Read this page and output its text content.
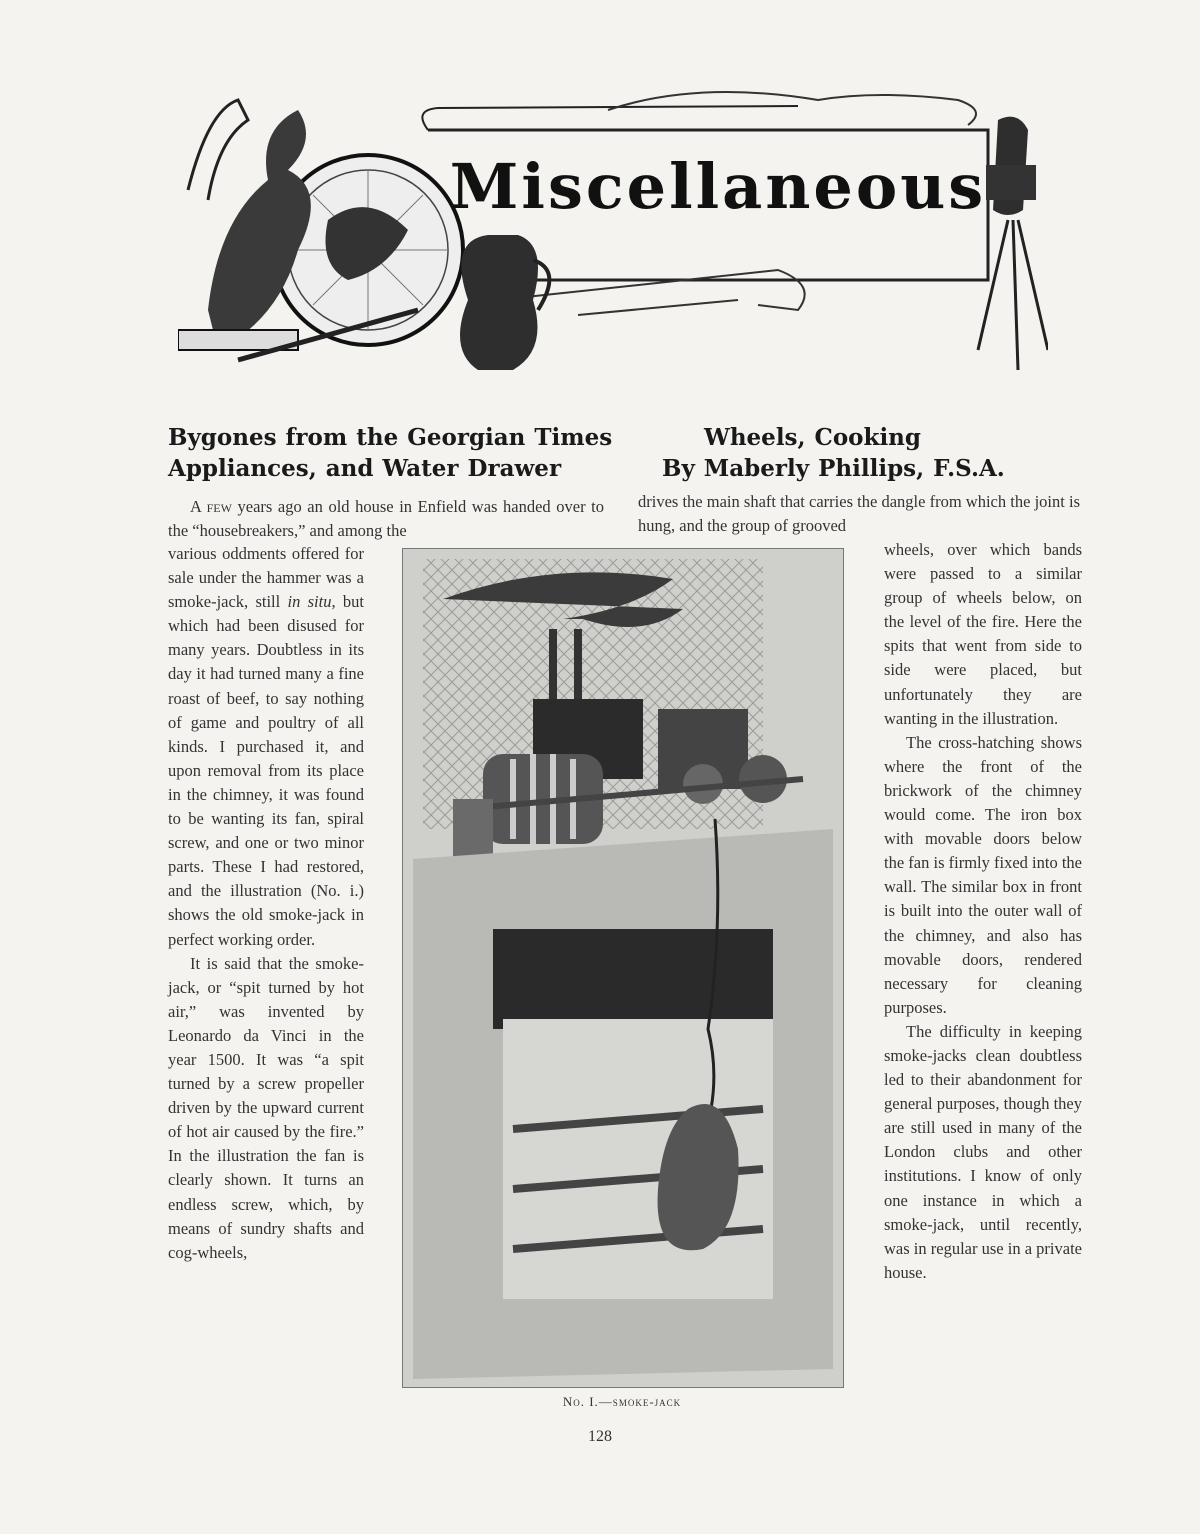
Miscellaneous
Bygones from the Georgian Times	Wheels, Cooking
Appliances, and Water Drawer	By Maberly Phillips, F.S.A.

A few years ago an old house in Enfield was handed over to the “housebreakers,” and among the

various oddments offered for sale under the hammer was a smoke-jack, still in situ, but which had been disused for many years. Doubtless in its day it had turned many a fine roast of beef, to say nothing of game and poultry of all kinds. I purchased it, and upon removal from its place in the chimney, it was found to be wanting its fan, spiral screw, and one or two minor parts. These I had restored, and the illustration (No. i.) shows the old smoke-jack in perfect working order.

It is said that the smoke-jack, or “spit turned by hot air,” was invented by Leonardo da Vinci in the year 1500. It was “a spit turned by a screw propeller driven by the upward current of hot air caused by the fire.” In the illustration the fan is clearly shown. It turns an endless screw, which, by means of sundry shafts and cog-wheels,

drives the main shaft that carries the dangle from which the joint is hung, and the group of grooved

wheels, over which bands were passed to a similar group of wheels below, on the level of the fire. Here the spits that went from side to side were placed, but unfortunately they are wanting in the illustration.

The cross-hatching shows where the front of the brickwork of the chimney would come. The iron box with movable doors below the fan is firmly fixed into the wall. The similar box in front is built into the outer wall of the chimney, and also has movable doors, rendered necessary for cleaning purposes.

The difficulty in keeping smoke-jacks clean doubtless led to their abandonment for general purposes, though they are still used in many of the London clubs and other institutions. I know of only one instance in which a smoke-jack, until recently, was in regular use in a private house.

No. I.—smoke-jack
128
